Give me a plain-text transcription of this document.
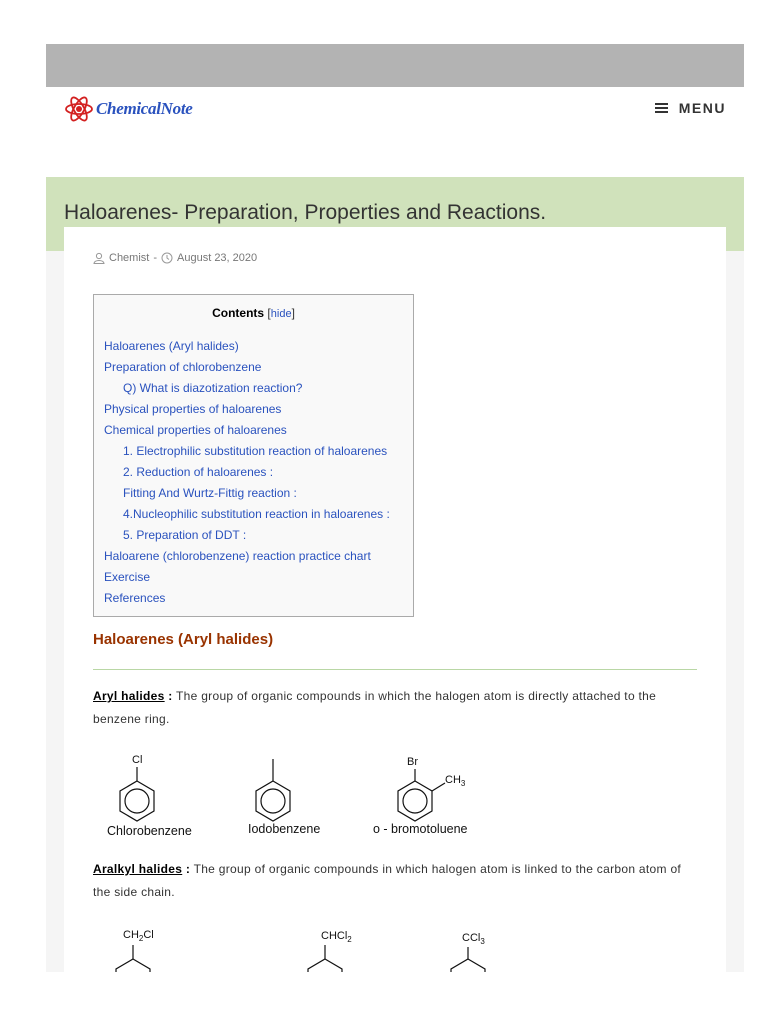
ChemicalNote	MENU
Haloarenes- Preparation, Properties and Reactions.
Chemist - August 23, 2020
Contents [hide]
Haloarenes (Aryl halides)
Preparation of chlorobenzene
Q) What is diazotization reaction?
Physical properties of haloarenes
Chemical properties of haloarenes
1. Electrophilic substitution reaction of haloarenes
2. Reduction of haloarenes :
Fitting And Wurtz-Fittig reaction :
4.Nucleophilic substitution reaction in haloarenes :
5. Preparation of DDT :
Haloarene (chlorobenzene) reaction practice chart
Exercise
References
Haloarenes (Aryl halides)

Aryl halides : The group of organic compounds in which the halogen atom is directly attached to the benzene ring.

Cl	Br
$CH_3$
Chlorobenzene	Iodobenzene	o - bromotoluene

Aralkyl halides : The group of organic compounds in which halogen atom is linked to the carbon atom of the side chain.

$CH_2Cl$	CHCl$_2$	CCl$_3$
